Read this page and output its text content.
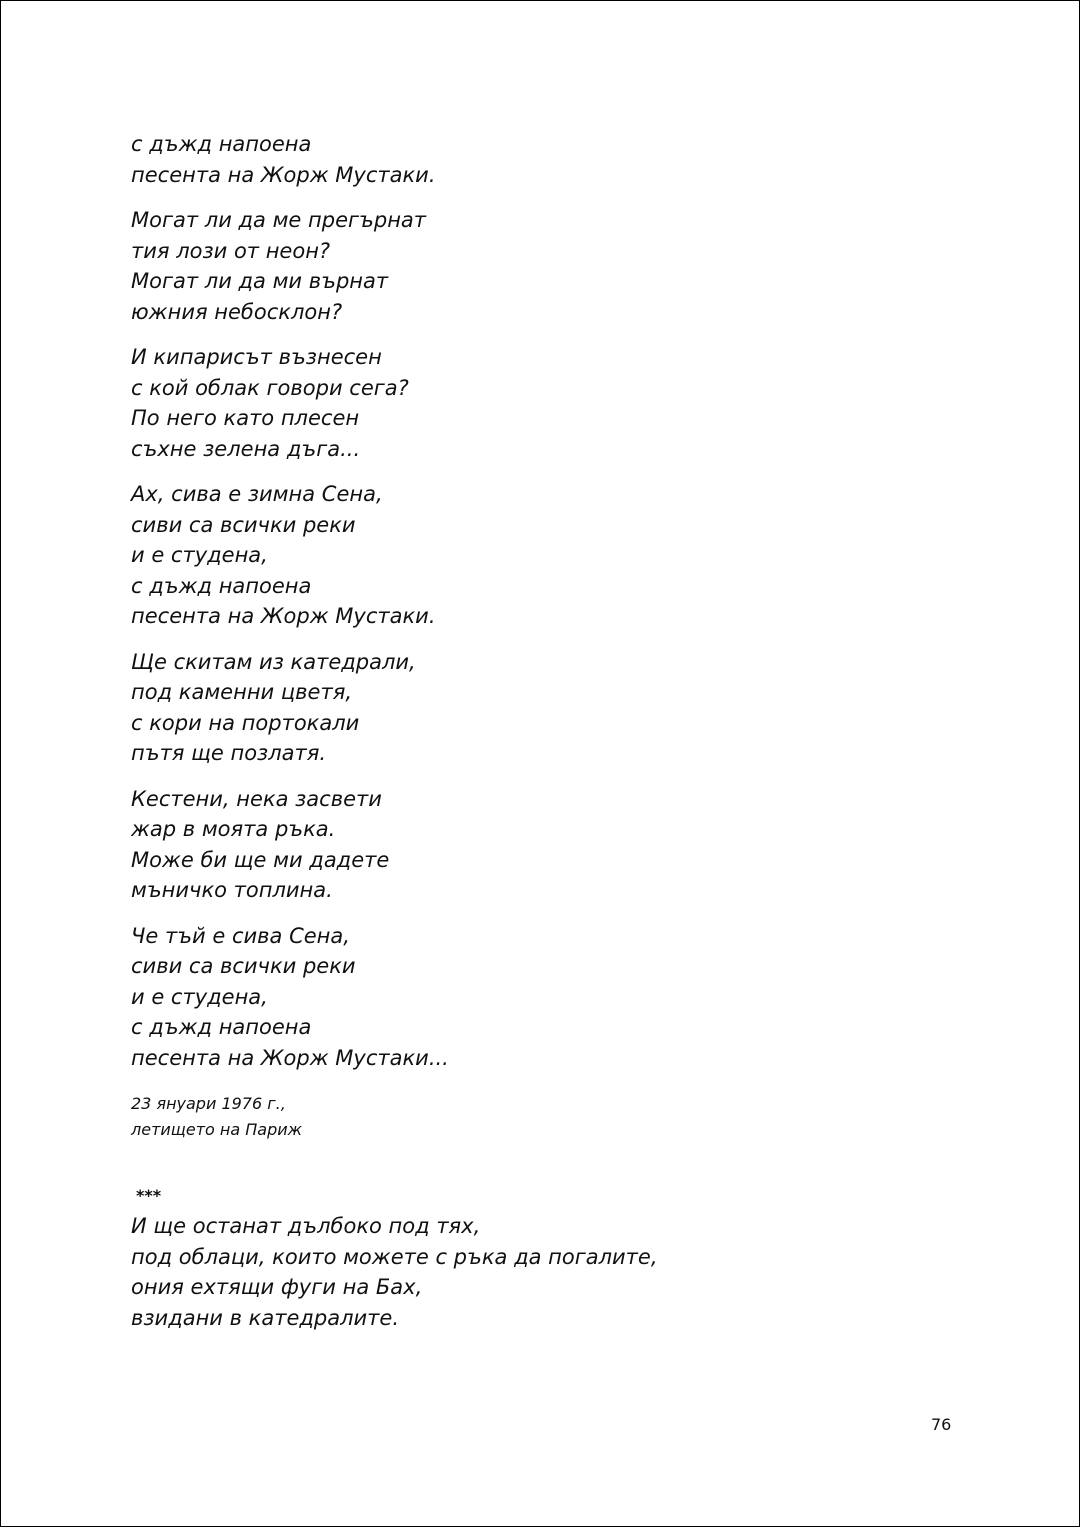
с дъжд напоена
песента на Жорж Мустаки.
Могат ли да ме прегърнат
тия лози от неон?
Могат ли да ми върнат
южния небосклон?
И кипарисът възнесен
с кой облак говори сега?
По него като плесен
съхне зелена дъга...
Ах, сива е зимна Сена,
сиви са всички реки
и е студена,
с дъжд напоена
песента на Жорж Мустаки.
Ще скитам из катедрали,
под каменни цветя,
с кори на портокали
пътя ще позлатя.
Кестени, нека засвети
жар в моята ръка.
Може би ще ми дадете
мъничко топлина.
Че тъй е сива Сена,
сиви са всички реки
и е студена,
с дъжд напоена
песента на Жорж Мустаки...
23 януари 1976 г.,
летището на Париж
***
И ще останат дълбоко под тях,
под облаци, които можете с ръка да погалите,
ония ехтящи фуги на Бах,
взидани в катедралите.
76
